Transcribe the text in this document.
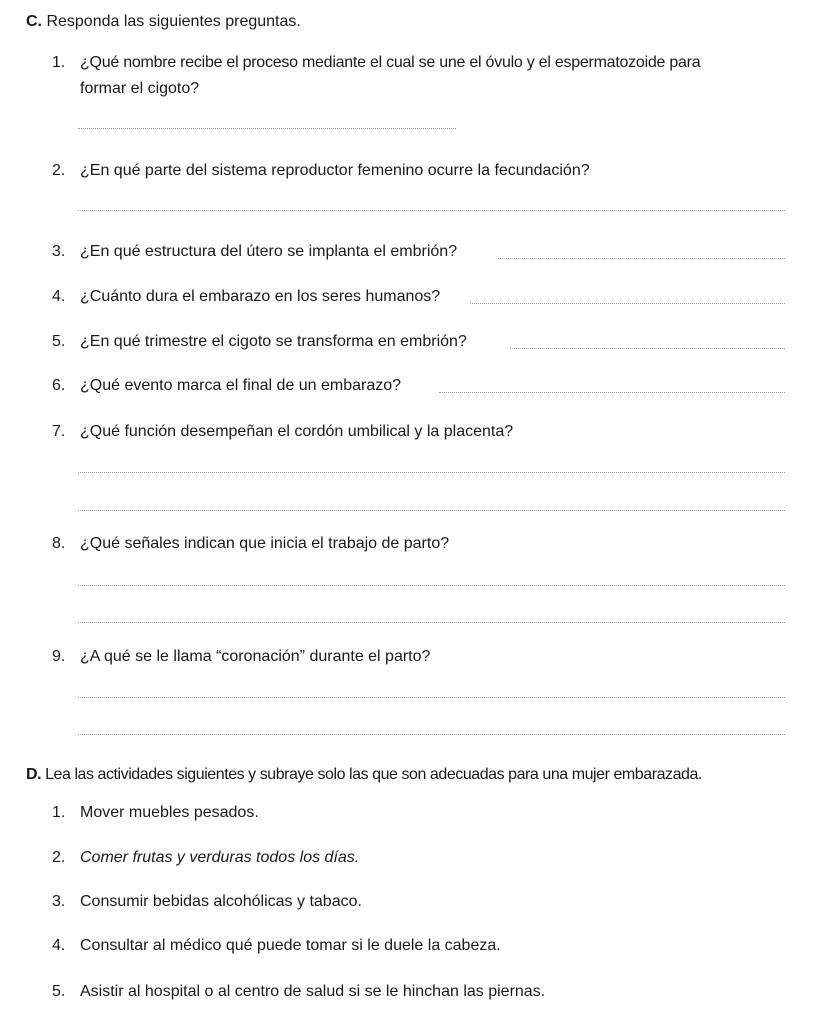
C. Responda las siguientes preguntas.
1. ¿Qué nombre recibe el proceso mediante el cual se une el óvulo y el espermatozoide para
formar el cigoto?
2. ¿En qué parte del sistema reproductor femenino ocurre la fecundación?
3. ¿En qué estructura del útero se implanta el embrión?
4. ¿Cuánto dura el embarazo en los seres humanos?
5. ¿En qué trimestre el cigoto se transforma en embrión?
6. ¿Qué evento marca el final de un embarazo?
7. ¿Qué función desempeñan el cordón umbilical y la placenta?
8. ¿Qué señales indican que inicia el trabajo de parto?
9. ¿A qué se le llama “coronación” durante el parto?
D. Lea las actividades siguientes y subraye solo las que son adecuadas para una mujer embarazada.
1. Mover muebles pesados.
2. Comer frutas y verduras todos los días.
3. Consumir bebidas alcohólicas y tabaco.
4. Consultar al médico qué puede tomar si le duele la cabeza.
5. Asistir al hospital o al centro de salud si se le hinchan las piernas.
